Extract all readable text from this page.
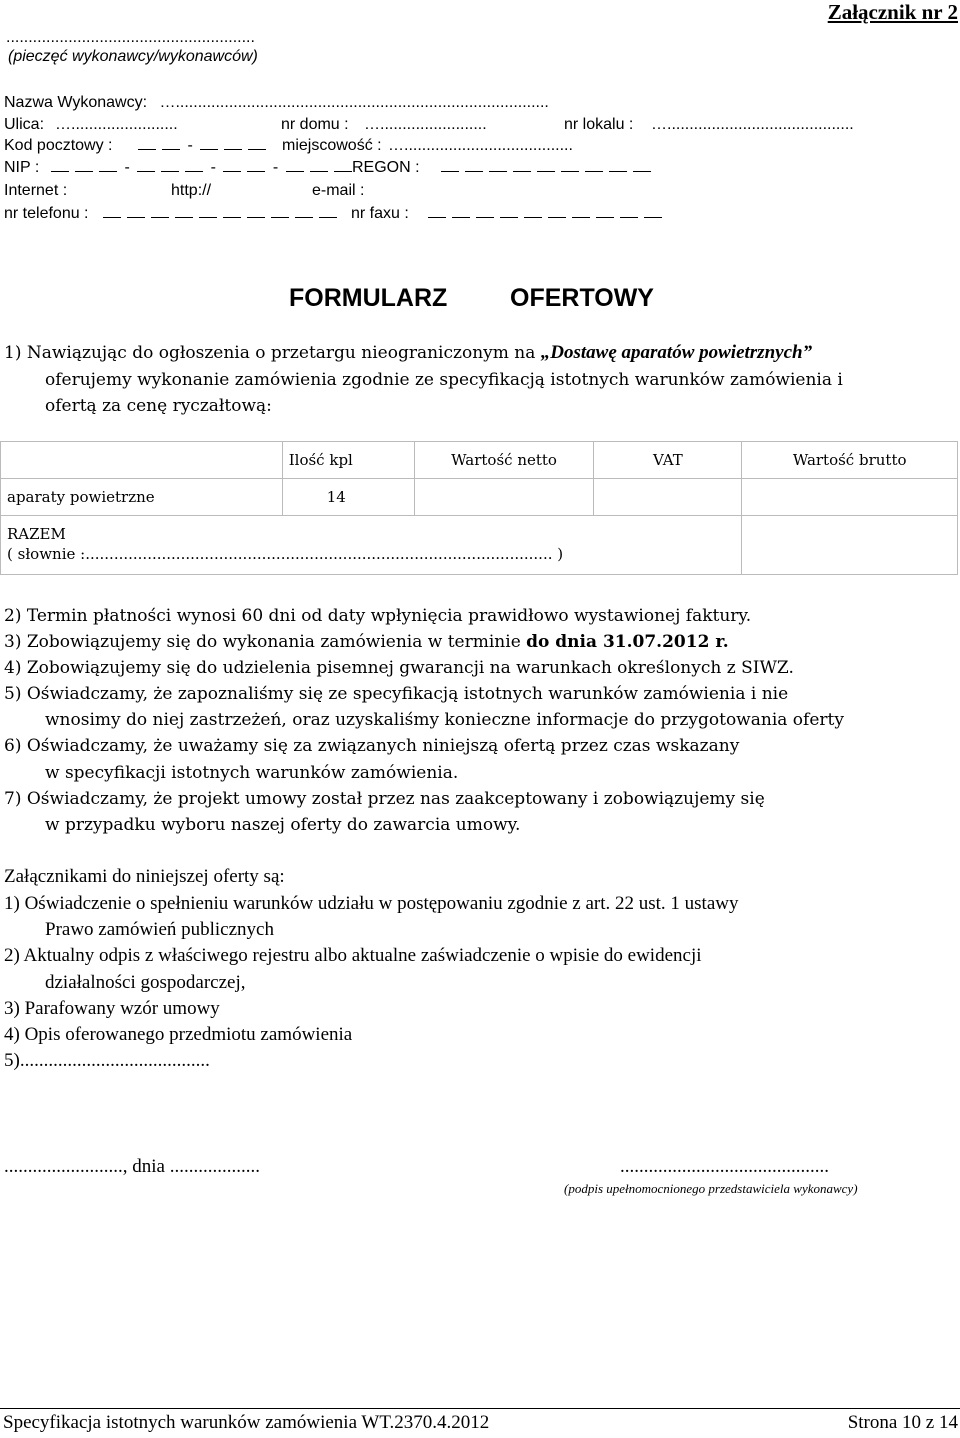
Załącznik nr 2
........................................................
(pieczęć wykonawcy/wykonawców)
Nazwa Wykonawcy: …....................................................................................
Ulica: …........................	nr domu : …........................	nr lokalu : …..........................................
Kod pocztowy :	-	miejscowość : …......................................
NIP :	-	-	-	REGON :
Internet :	http://	e-mail :
nr telefonu :	nr faxu :
FORMULARZ	OFERTOWY
1) Nawiązując do ogłoszenia o przetargu nieograniczonym na „Dostawę aparatów powietrznych”
oferujemy wykonanie zamówienia zgodnie ze specyfikacją istotnych warunków zamówienia i
ofertą za cenę ryczałtową:
	Ilość kpl	Wartość netto	VAT	Wartość brutto
aparaty powietrzne	14			

RAZEM
( słownie :.................................................................................................. )				

2) Termin płatności wynosi 60 dni od daty wpłynięcia prawidłowo wystawionej faktury.
3) Zobowiązujemy się do wykonania zamówienia w terminie do dnia 31.07.2012 r.
4) Zobowiązujemy się do udzielenia pisemnej gwarancji na warunkach określonych z SIWZ.
5) Oświadczamy, że zapoznaliśmy się ze specyfikacją istotnych warunków zamówienia i nie
wnosimy do niej zastrzeżeń, oraz uzyskaliśmy konieczne informacje do przygotowania oferty
6) Oświadczamy, że uważamy się za związanych niniejszą ofertą przez czas wskazany
w specyfikacji istotnych warunków zamówienia.
7) Oświadczamy, że projekt umowy został przez nas zaakceptowany i zobowiązujemy się
w przypadku wyboru naszej oferty do zawarcia umowy.
Załącznikami do niniejszej oferty są:
1) Oświadczenie o spełnieniu warunków udziału w postępowaniu zgodnie z art. 22 ust. 1 ustawy
Prawo zamówień publicznych
2) Aktualny odpis z właściwego rejestru albo aktualne zaświadczenie o wpisie do ewidencji
działalności gospodarczej,
3) Parafowany wzór umowy
4) Opis oferowanego przedmiotu zamówienia
5)........................................
........................., dnia ...................	............................................
(podpis upełnomocnionego przedstawiciela wykonawcy)
Specyfikacja istotnych warunków zamówienia WT.2370.4.2012	Strona 10 z 14
